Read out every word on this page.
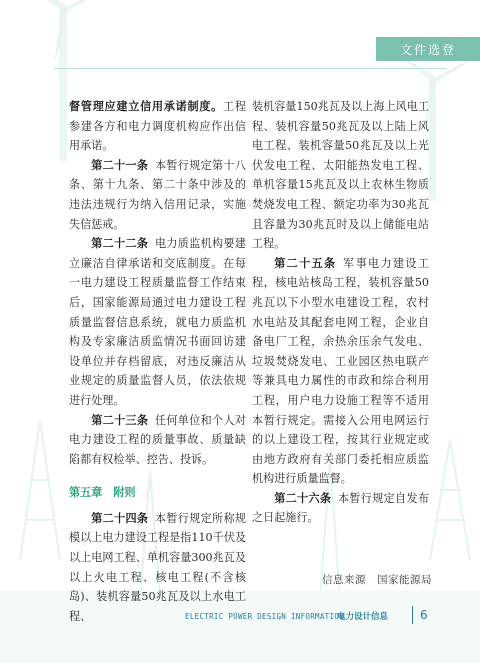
文件选登

督管理应建立信用承诺制度。工程参建各方和电力调度机构应作出信用承诺。

第二十一条 本暂行规定第十八条、第十九条、第二十条中涉及的违法违规行为纳入信用记录，实施失信惩戒。

第二十二条 电力质监机构要建立廉洁自律承诺和交底制度。在每一电力建设工程质量监督工作结束后，国家能源局通过电力建设工程质量监督信息系统，就电力质监机构及专家廉洁质监情况书面回访建设单位并存档留底，对违反廉洁从业规定的质量监督人员，依法依规进行处理。

第二十三条 任何单位和个人对电力建设工程的质量事故、质量缺陷都有权检举、控告、投诉。

第五章　附则

第二十四条 本暂行规定所称规模以上电力建设工程是指110千伏及以上电网工程、单机容量300兆瓦及以上火电工程、核电工程(不含核岛)、装机容量50兆瓦及以上水电工程、

装机容量150兆瓦及以上海上风电工程、装机容量50兆瓦及以上陆上风电工程、装机容量50兆瓦及以上光伏发电工程、太阳能热发电工程、单机容量15兆瓦及以上农林生物质焚烧发电工程、额定功率为30兆瓦且容量为30兆瓦时及以上储能电站工程。

第二十五条 军事电力建设工程，核电站核岛工程，装机容量50兆瓦以下小型水电建设工程，农村水电站及其配套电网工程，企业自备电厂工程，余热余压余气发电、垃圾焚烧发电、工业园区热电联产等兼具电力属性的市政和综合利用工程，用户电力设施工程等不适用本暂行规定。需接入公用电网运行的以上建设工程，按其行业规定或由地方政府有关部门委托相应质监机构进行质量监督。

第二十六条 本暂行规定自发布之日起施行。

信息来源　国家能源局
ELECTRIC POWER DESIGN INFORMATION
电力设计信息	6
